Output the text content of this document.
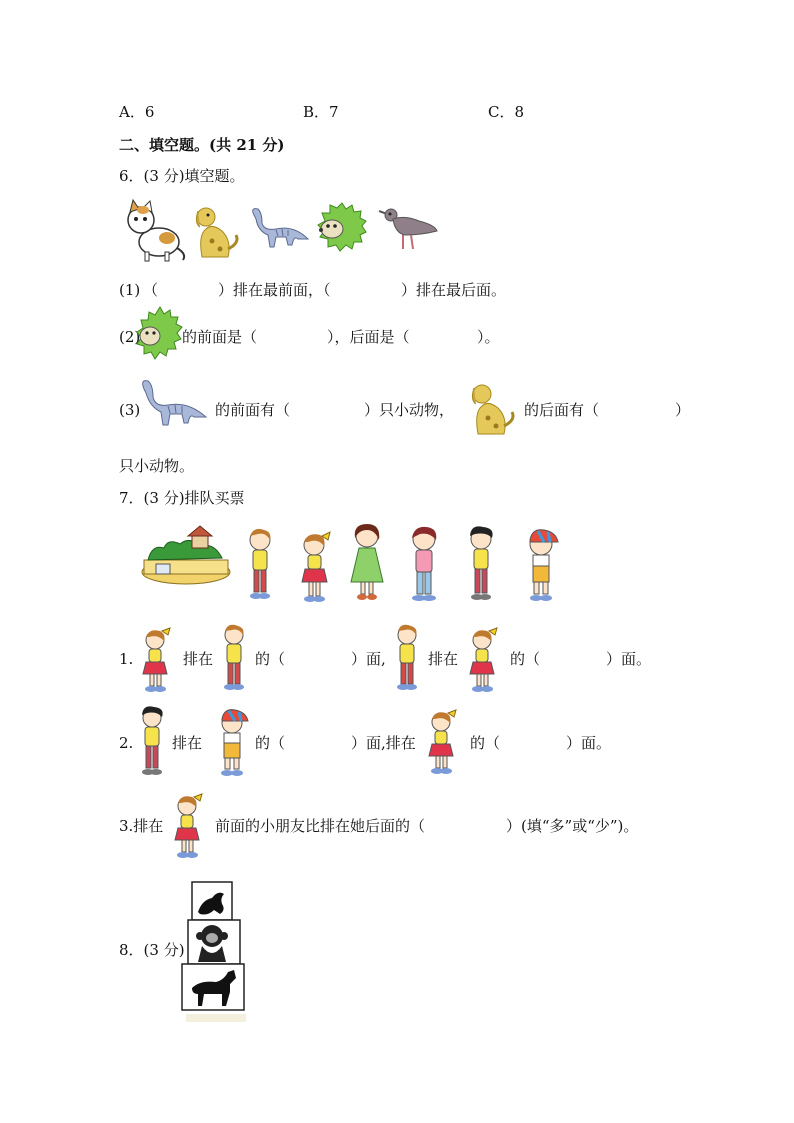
A．6	B．7	C．8
二、填空题。(共 21 分)
6．(3 分)填空题。
(1) （	）排在最前面，（	）排在最后面。
(2)	的前面是（	），后面是（	）。
(3)	的前面有（	）只小动物，	的后面有（	）
只小动物。
7．(3 分)排队买票
1.	排在	的（	）面,	排在	的（	）面。
2.	排在	的（	）面,排在	的（	）面。
3.排在	前面的小朋友比排在她后面的（	）(填“多”或“少”)。
8．(3 分)
